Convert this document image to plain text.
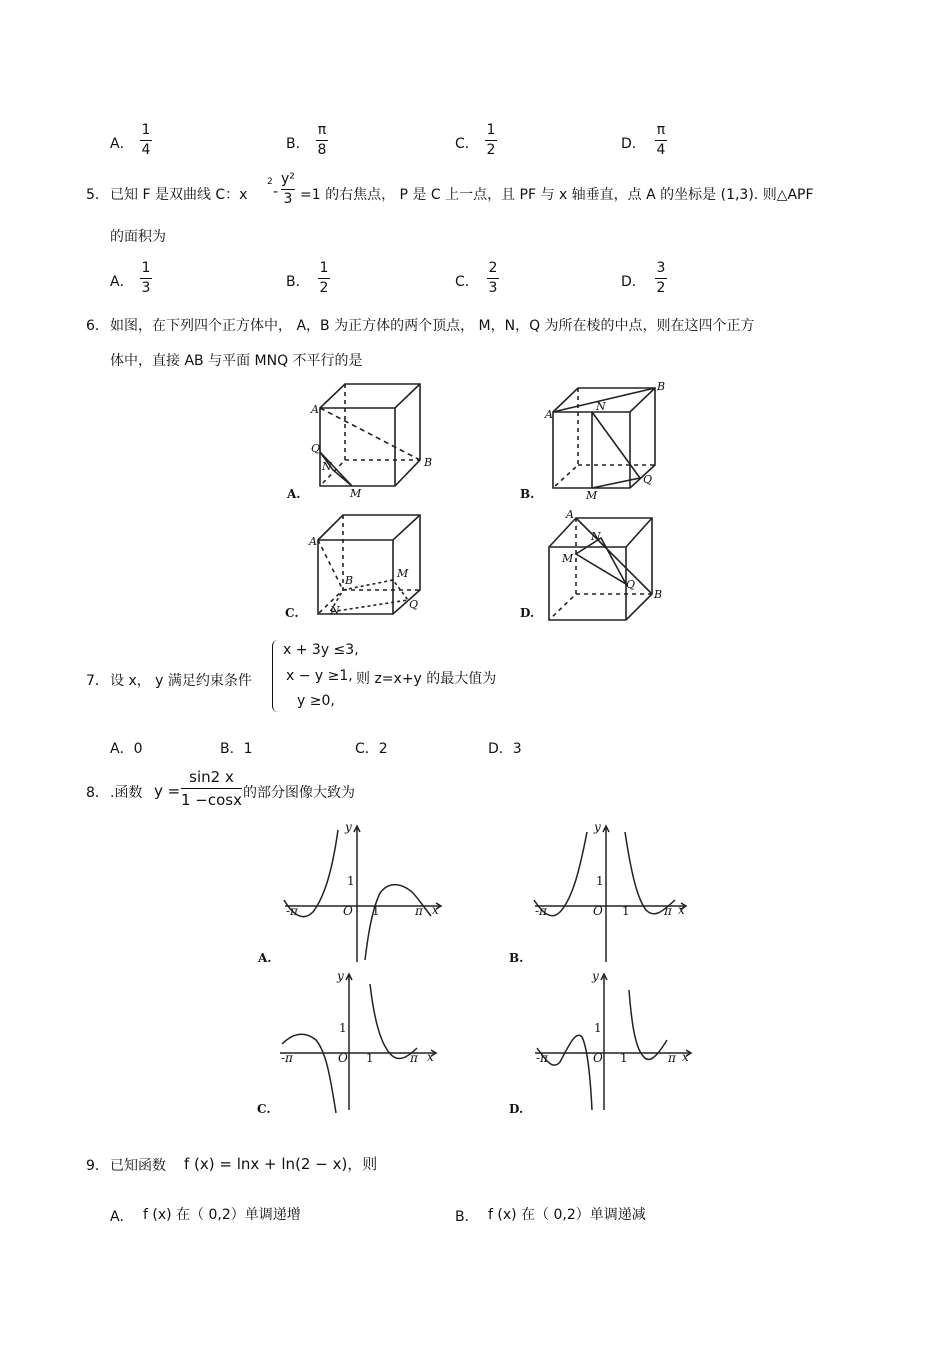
A．
1
4	B．
π
8	C．
1
2	D．
π
4
5． 已知 F 是双曲线 C：x
2
-
y²
3 =1 的右焦点， P 是 C 上一点，且 PF 与 x 轴垂直，点 A 的坐标是 (1,3). 则△APF
的面积为
A．
1
3	B．
1
2	C．
2
3	D．
3
2
6． 如图，在下列四个正方体中， A，B 为正方体的两个顶点， M，N，Q 为所在棱的中点，则在这四个正方
体中，直接 AB 与平面 MNQ 不平行的是
A
B
Q
N
M
A
B
N
M
Q
A
B
M
N	Q
A
B
M
N
Q
A.	B.
C.	D.
7． 设 x， y 满足约束条件
x + 3y ≤3,
x − y ≥1, 则 z=x+y 的最大值为
y ≥0,
A．0	B．1	C．2	D．3
8． .函数 y =
sin2 x
1 −cosx 的部分图像大致为
y
x
O
1
1	π
-π
y
x
O
1
1	π
-π
y
x
O
1
1	π
-π
y
x
O
1
1	π
-π
A.	B.
C.	D.
9． 已知函数 f (x) = lnx + ln(2 − x)，则
A． f (x) 在（ 0,2）单调递增	B． f (x) 在（ 0,2）单调递减
